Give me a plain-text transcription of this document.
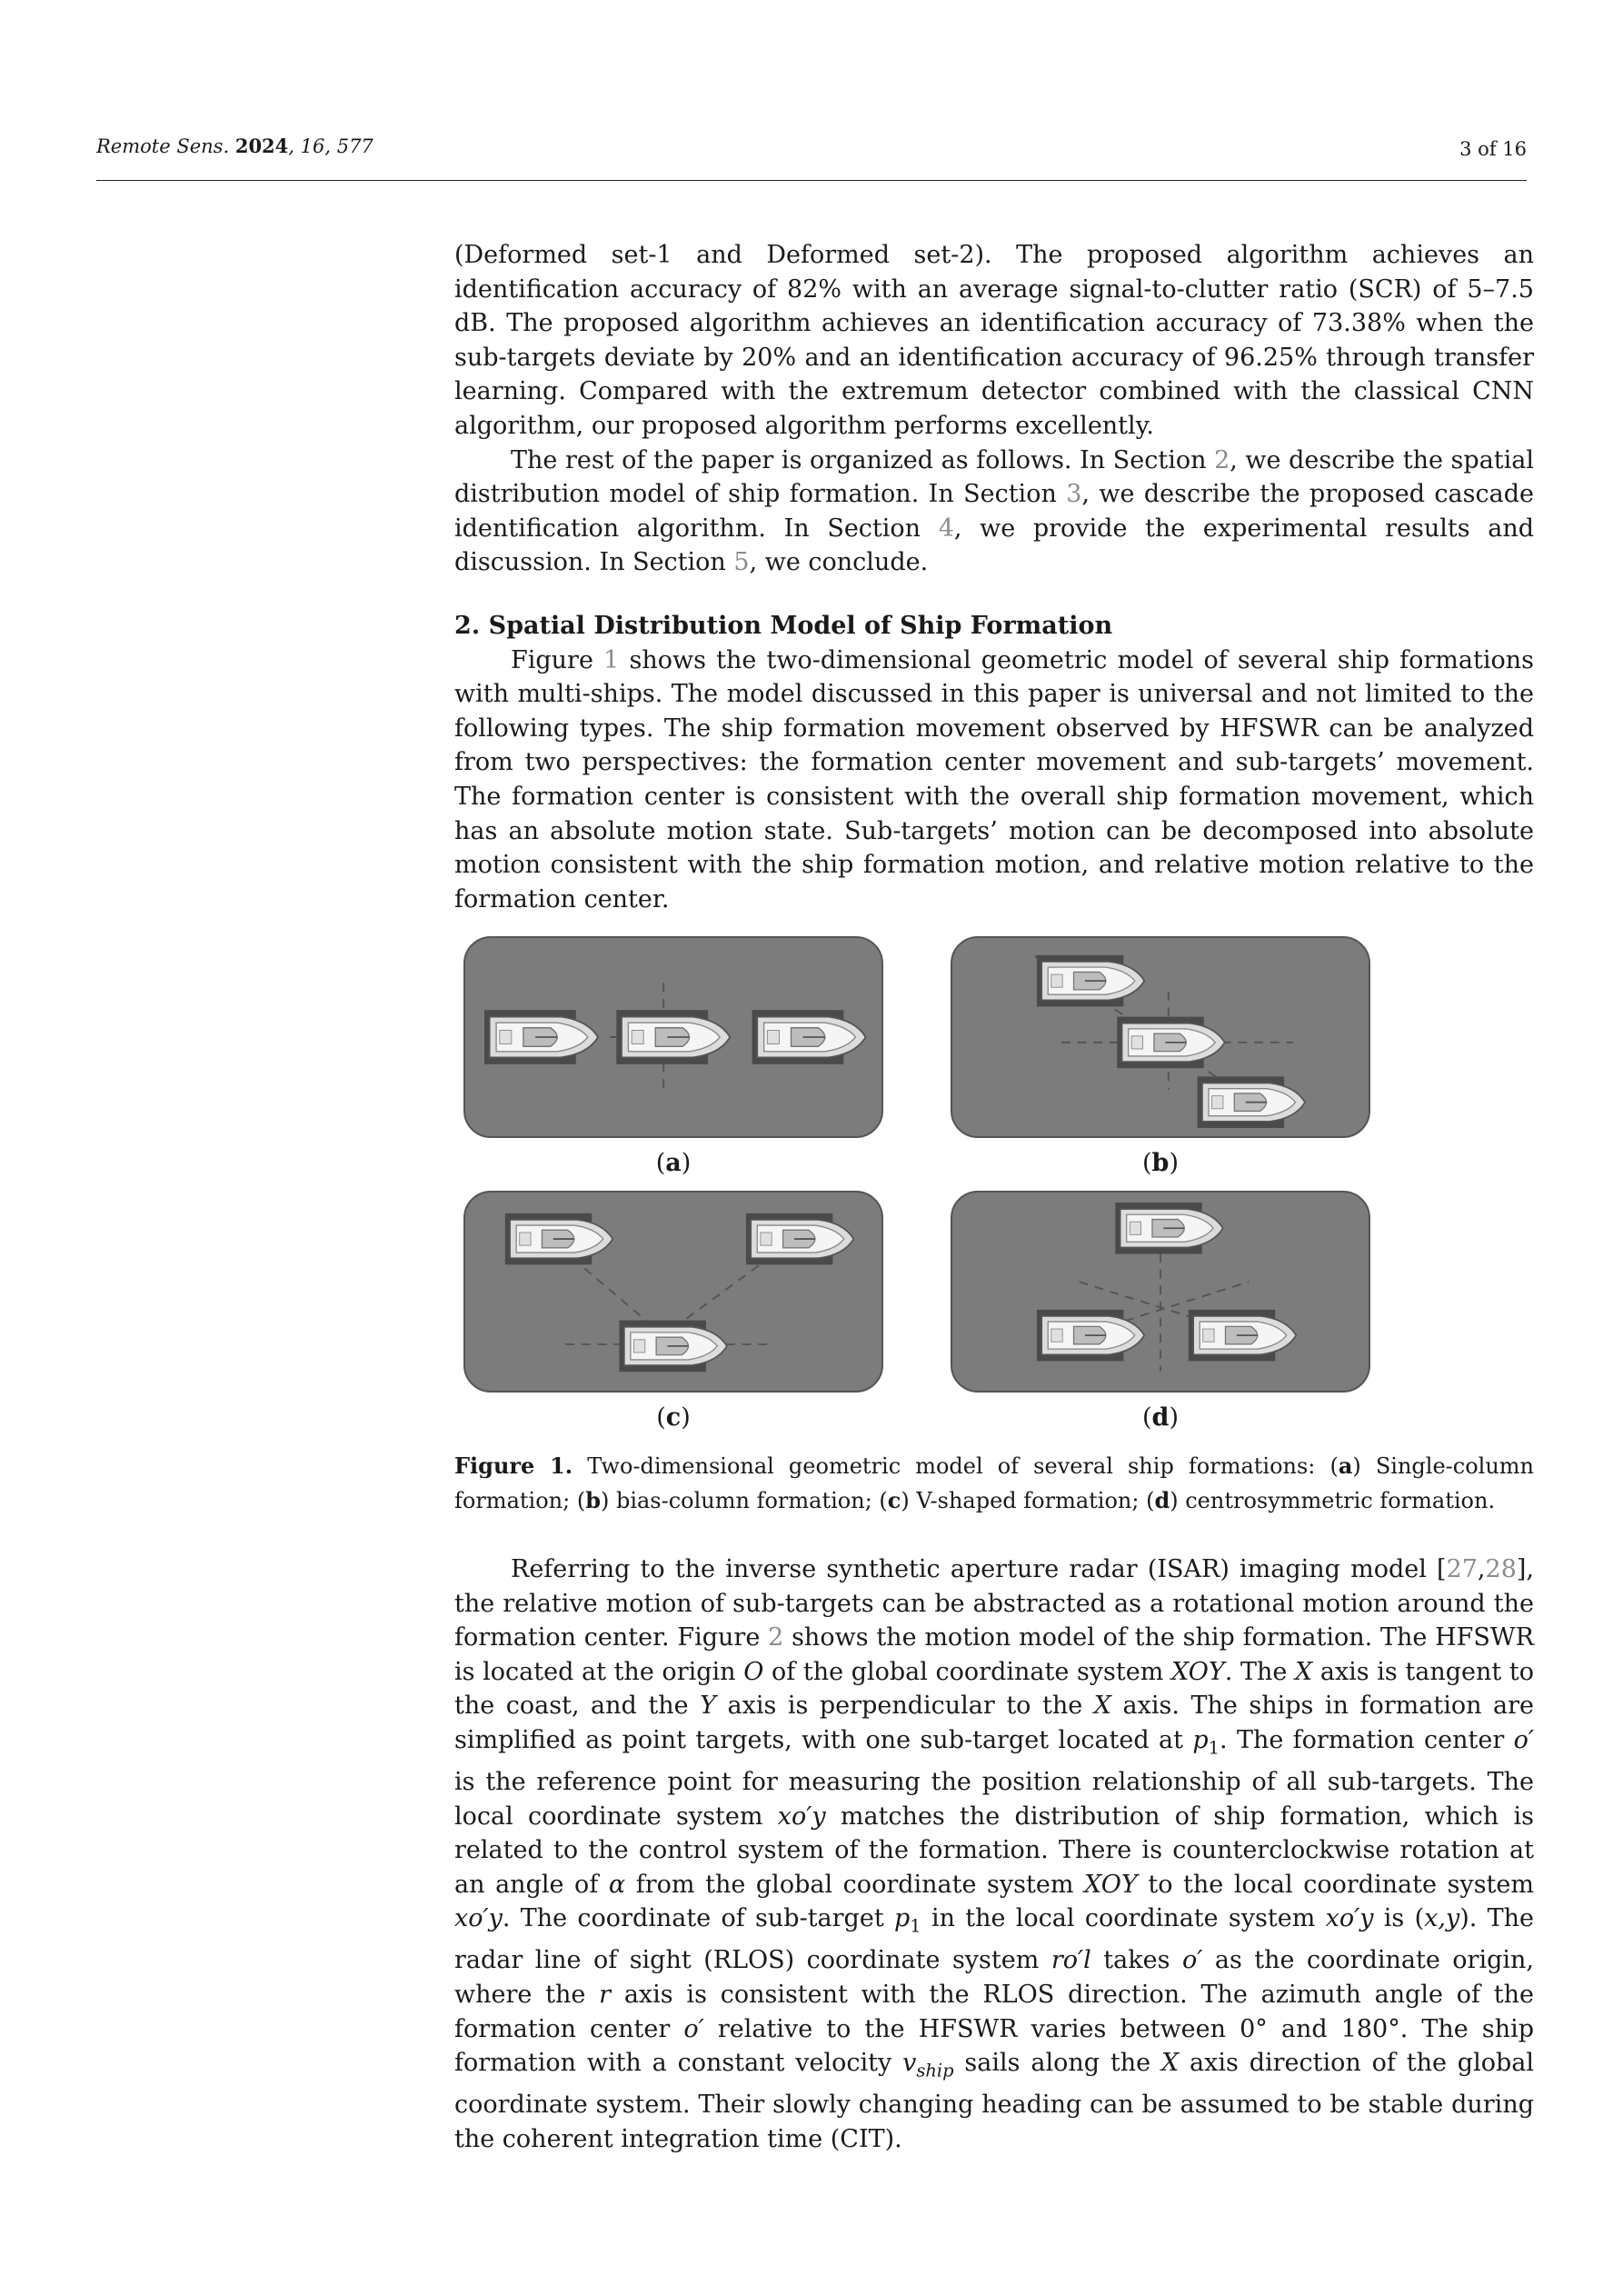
Remote Sens. 2024, 16, 577	3 of 16

(Deformed set-1 and Deformed set-2). The proposed algorithm achieves an identification accuracy of 82% with an average signal-to-clutter ratio (SCR) of 5–7.5 dB. The proposed algorithm achieves an identification accuracy of 73.38% when the sub-targets deviate by 20% and an identification accuracy of 96.25% through transfer learning. Compared with the extremum detector combined with the classical CNN algorithm, our proposed algorithm performs excellently.

The rest of the paper is organized as follows. In Section 2, we describe the spatial distribution model of ship formation. In Section 3, we describe the proposed cascade identification algorithm. In Section 4, we provide the experimental results and discussion. In Section 5, we conclude.

2. Spatial Distribution Model of Ship Formation

Figure 1 shows the two-dimensional geometric model of several ship formations with multi-ships. The model discussed in this paper is universal and not limited to the following types. The ship formation movement observed by HFSWR can be analyzed from two perspectives: the formation center movement and sub-targets’ movement. The formation center is consistent with the overall ship formation movement, which has an absolute motion state. Sub-targets’ motion can be decomposed into absolute motion consistent with the ship formation motion, and relative motion relative to the formation center.

(a)	(b)
(c)	(d)
Figure 1. Two-dimensional geometric model of several ship formations: (a) Single-column formation; (b) bias-column formation; (c) V-shaped formation; (d) centrosymmetric formation.

Referring to the inverse synthetic aperture radar (ISAR) imaging model [27,28], the relative motion of sub-targets can be abstracted as a rotational motion around the formation center. Figure 2 shows the motion model of the ship formation. The HFSWR is located at the origin O of the global coordinate system XOY. The X axis is tangent to the coast, and the Y axis is perpendicular to the X axis. The ships in formation are simplified as point targets, with one sub-target located at $p_1$. The formation center o′ is the reference point for measuring the position relationship of all sub-targets. The local coordinate system xo′y matches the distribution of ship formation, which is related to the control system of the formation. There is counterclockwise rotation at an angle of α from the global coordinate system XOY to the local coordinate system xo′y. The coordinate of sub-target $p_1$ in the local coordinate system xo′y is (x,y). The radar line of sight (RLOS) coordinate system ro′l takes o′ as the coordinate origin, where the r axis is consistent with the RLOS direction. The azimuth angle of the formation center o′ relative to the HFSWR varies between 0° and 180°. The ship formation with a constant velocity $v_{ship}$ sails along the X axis direction of the global coordinate system. Their slowly changing heading can be assumed to be stable during the coherent integration time (CIT).
